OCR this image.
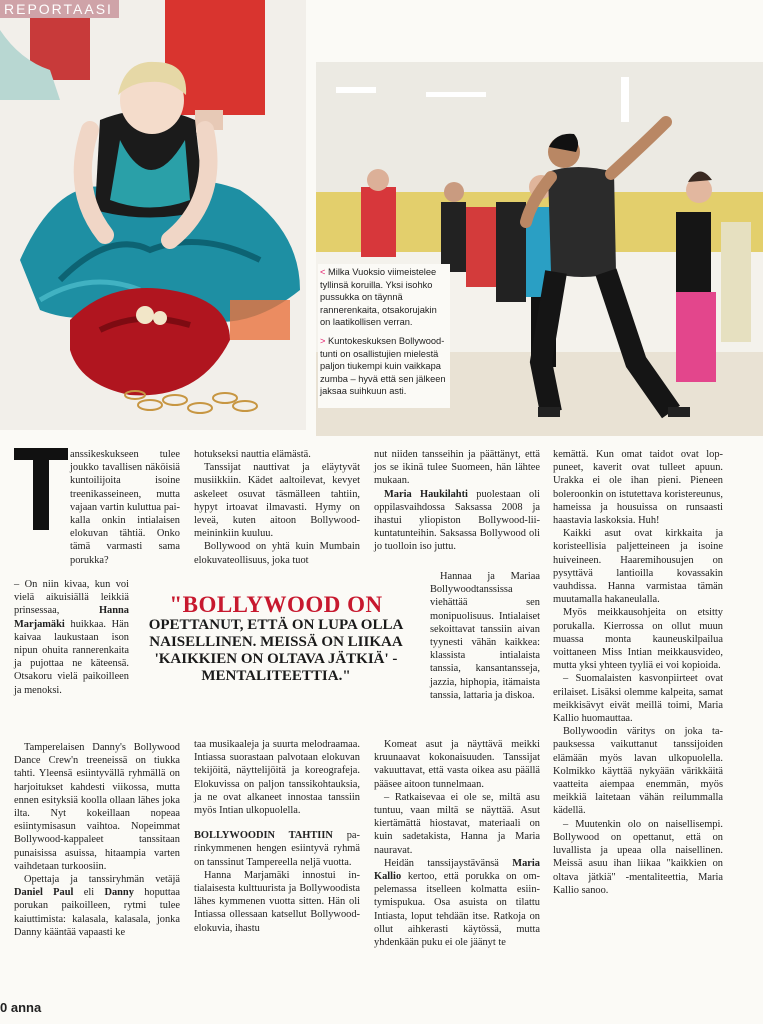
REPORTAASI

< Milka Vuoksio viimeistelee tyllinsä koruilla. Yksi isohko pussukka on täynnä rannerenkaita, otsakorujakin on laatikollisen verran.

> Kuntokeskuksen Bollywood-tunti on osallistujien mielestä paljon tiukempi kuin vaikkapa zumba – hyvä että sen jälkeen jaksaa suihkuun asti.

anssikeskukseen tulee joukko tavallisen näköisiä kuntoilijoita isoine treenikasseineen, mutta vajaan vartin kuluttua paikalla onkin intialaisen elokuvan tähtiä. Onko tämä varmasti sama porukka?

– On niin kivaa, kun voi vielä aikuisiällä leikkiä prinsessaa,	Hanna Marjamäki huikkaa. Hän kaivaa laukustaan ison nipun ohuita rannerenkaita ja pujottaa ne käteensä. Otsakoru vielä paikoilleen ja menoksi.

Tamperelaisen Danny's Bollywood Dance Crew'n treeneissä on tiukka tahti. Yleensä esiintyvällä ryhmällä on harjoitukset kahdesti viikossa, mutta ennen esityksiä koolla ollaan lähes joka ilta. Nyt kokeillaan nopeaa esiintymisasun vaihtoa. Nopeimmat Bollywood-kappaleet tanssitaan punaisissa asuissa, hitaampia varten vaihdetaan turkoosiin.

Opettaja ja tanssiryhmän vetäjä Daniel Paul eli Danny hoputtaa porukan paikoilleen, rytmi tulee kaiuttimista: kalasala, kalasala, jonka Danny kääntää vapaasti ke

hotukseksi nauttia elämästä.

Tanssijat nauttivat ja eläytyvät musiikkiin. Kädet aaltoilevat, kevyet askeleet osuvat täsmälleen tahtiin, hypyt irtoavat ilmavasti. Hymy on leveä, kuten aitoon Bollywoodmeininkiin kuuluu.

Bollywood on yhtä kuin Mumbain elokuvateollisuus, joka tuot

taa musikaaleja ja suurta melodraamaa. Intiassa suorastaan palvotaan elokuvan tekijöitä, näyttelijöitä ja koreografeja. Elokuvissa on paljon tanssikohtauksia, ja ne ovat alkaneet innostaa tanssiin myös Intian ulkopuolella.

BOLLYWOODIN TAHTIIN parinkymmenen hengen esiintyvä ryhmä on tanssinut Tampereella neljä vuotta.

Hanna Marjamäki innostui intialaisesta kulttuurista ja Bollywoodista lähes kymmenen vuotta sitten. Hän oli Intiassa ollessaan katsellut Bollywood-elokuvia, ihastu

"BOLLYWOOD ON
OPETTANUT, ETTÄ ON LUPA OLLA NAISELLINEN. MEISSÄ ON LIIKAA 'KAIKKIEN ON OLTAVA JÄTKIÄ' -MENTALITEETTIA."

nut niiden tansseihin ja päättänyt, että jos se ikinä tulee Suomeen, hän lähtee mukaan.

Maria Haukilahti puolestaan oli oppilasvaihdossa Saksassa 2008 ja ihastui yliopiston Bollywood-liikuntatunteihin. Saksassa Bollywood oli jo tuolloin iso juttu.

Hannaa ja Mariaa Bollywoodtanssissa viehättää sen monipuolisuus. Intialaiset sekoittavat tanssiin aivan tyynesti vähän kaikkea: klassista intialaista tanssia, kansantansseja, jazzia, hiphopia, itämaista tanssia, lattaria ja diskoa.

Komeat asut ja näyttävä meikki kruunaavat kokonaisuuden. Tanssijat vakuuttavat, että vasta oikea asu päällä pääsee aitoon tunnelmaan.

– Ratkaisevaa ei ole se, miltä asu tuntuu, vaan miltä se näyttää. Asut kiertämättä hiostavat, materiaali on kuin sadetakista, Hanna ja Maria nauravat.

Heidän tanssijaystävänsä Maria Kallio kertoo, että porukka on ompelemassa itselleen kolmatta esiintymispukua. Osa asuista on tilattu Intiasta, loput tehdään itse. Ratkoja on ollut aihkerasti käytössä, mutta yhdenkään puku ei ole jäänyt te

kemättä. Kun omat taidot ovat loppuneet, kaverit ovat tulleet apuun. Urakka ei ole ihan pieni. Pieneen boleroonkin on istutettava koristereunus, hameissa ja housuissa on runsaasti haastavia laskoksia. Huh!

Kaikki asut ovat kirkkaita ja koristeellisia paljetteineen ja isoine huiveineen. Haaremihousujen on pysyttävä lantioilla kovassakin vauhdissa. Hanna varmistaa tämän muutamalla hakaneulalla.

Myös meikkausohjeita on etsitty porukalla. Kierrossa on ollut muun muassa monta kauneuskilpailua voittaneen Miss Intian meikkausvideo, mutta yksi yhteen tyyliä ei voi kopioida.

– Suomalaisten kasvonpiirteet ovat erilaiset. Lisäksi olemme kalpeita, samat meikkisävyt eivät meillä toimi, Maria Kallio huomauttaa.

Bollywoodin väritys on joka tapauksessa vaikuttanut tanssijoiden elämään myös lavan ulkopuolella. Kolmikko käyttää nykyään värikkäitä vaatteita aiempaa enemmän, myös meikkiä laitetaan vähän reilummalla kädellä.

– Muutenkin olo on naisellisempi. Bollywood on opettanut, että on luvallista ja upeaa olla naisellinen. Meissä asuu ihan liikaa "kaikkien on oltava jätkiä" -mentaliteettia, Maria Kallio sanoo.

0 anna
